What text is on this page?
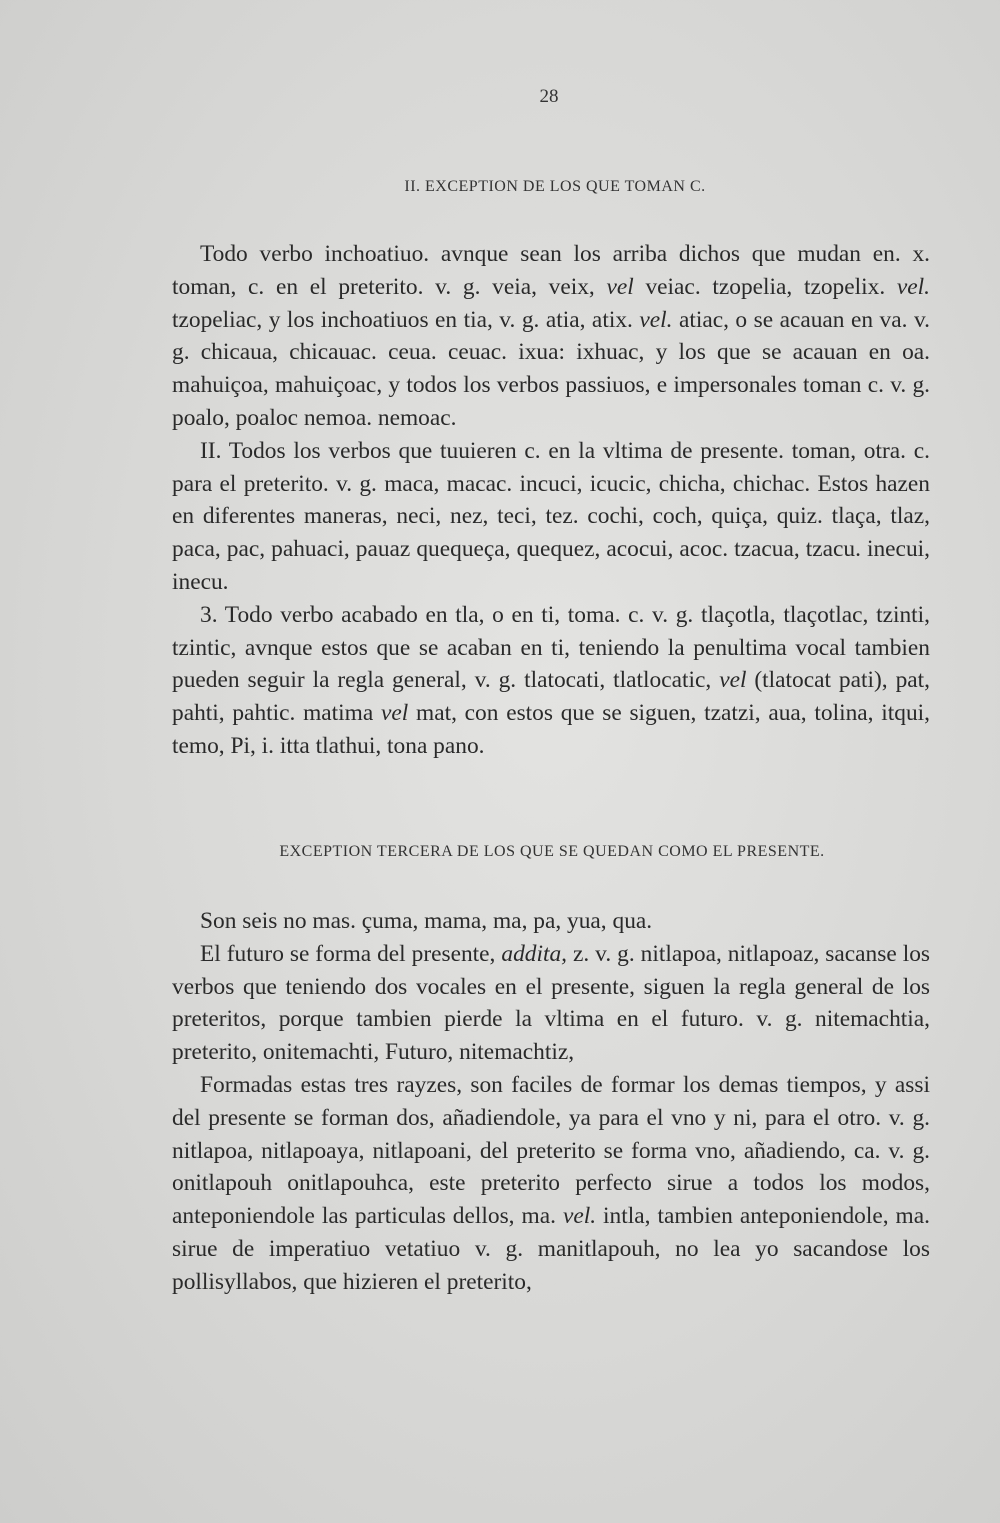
28
II. EXCEPTION DE LOS QUE TOMAN C.

Todo verbo inchoatiuo. avnque sean los arriba dichos que mudan en. x. toman, c. en el preterito. v. g. veia, veix, vel veiac. tzopelia, tzopelix. vel. tzopeliac, y los inchoatiuos en tia, v. g. atia, atix. vel. atiac, o se acauan en va. v. g. chicaua, chicauac. ceua. ceuac. ixua: ixhuac, y los que se acauan en oa. mahuiçoa, mahuiçoac, y todos los verbos passiuos, e impersonales toman c. v. g. poalo, poaloc nemoa. nemoac.

II. Todos los verbos que tuuieren c. en la vltima de presente. toman, otra. c. para el preterito. v. g. maca, macac. incuci, icucic, chicha, chichac. Estos hazen en diferentes maneras, neci, nez, teci, tez. cochi, coch, quiça, quiz. tlaça, tlaz, paca, pac, pahuaci, pauaz quequeça, quequez, acocui, acoc. tzacua, tzacu. inecui, inecu.

3. Todo verbo acabado en tla, o en ti, toma. c. v. g. tlaçotla, tlaçotlac, tzinti, tzintic, avnque estos que se acaban en ti, teniendo la penultima vocal tambien pueden seguir la regla general, v. g. tlatocati, tlatlocatic, vel (tlatocat pati), pat, pahti, pahtic. matima vel mat, con estos que se siguen, tzatzi, aua, tolina, itqui, temo, Pi, i. itta tlathui, tona pano.

EXCEPTION TERCERA DE LOS QUE SE QUEDAN COMO EL PRESENTE.

Son seis no mas. çuma, mama, ma, pa, yua, qua.

El futuro se forma del presente, addita, z. v. g. nitlapoa, nitlapoaz, sacanse los verbos que teniendo dos vocales en el presente, siguen la regla general de los preteritos, porque tambien pierde la vltima en el futuro. v. g. nitemachtia, preterito, onitemachti, Futuro, nitemachtiz,

Formadas estas tres rayzes, son faciles de formar los demas tiempos, y assi del presente se forman dos, añadiendole, ya para el vno y ni, para el otro. v. g. nitlapoa, nitlapoaya, nitlapoani, del preterito se forma vno, añadiendo, ca. v. g. onitlapouh onitlapouhca, este preterito perfecto sirue a todos los modos, anteponiendole las particulas dellos, ma. vel. intla, tambien anteponiendole, ma. sirue de imperatiuo vetatiuo v. g. manitlapouh, no lea yo sacandose los pollisyllabos, que hizieren el preterito,
